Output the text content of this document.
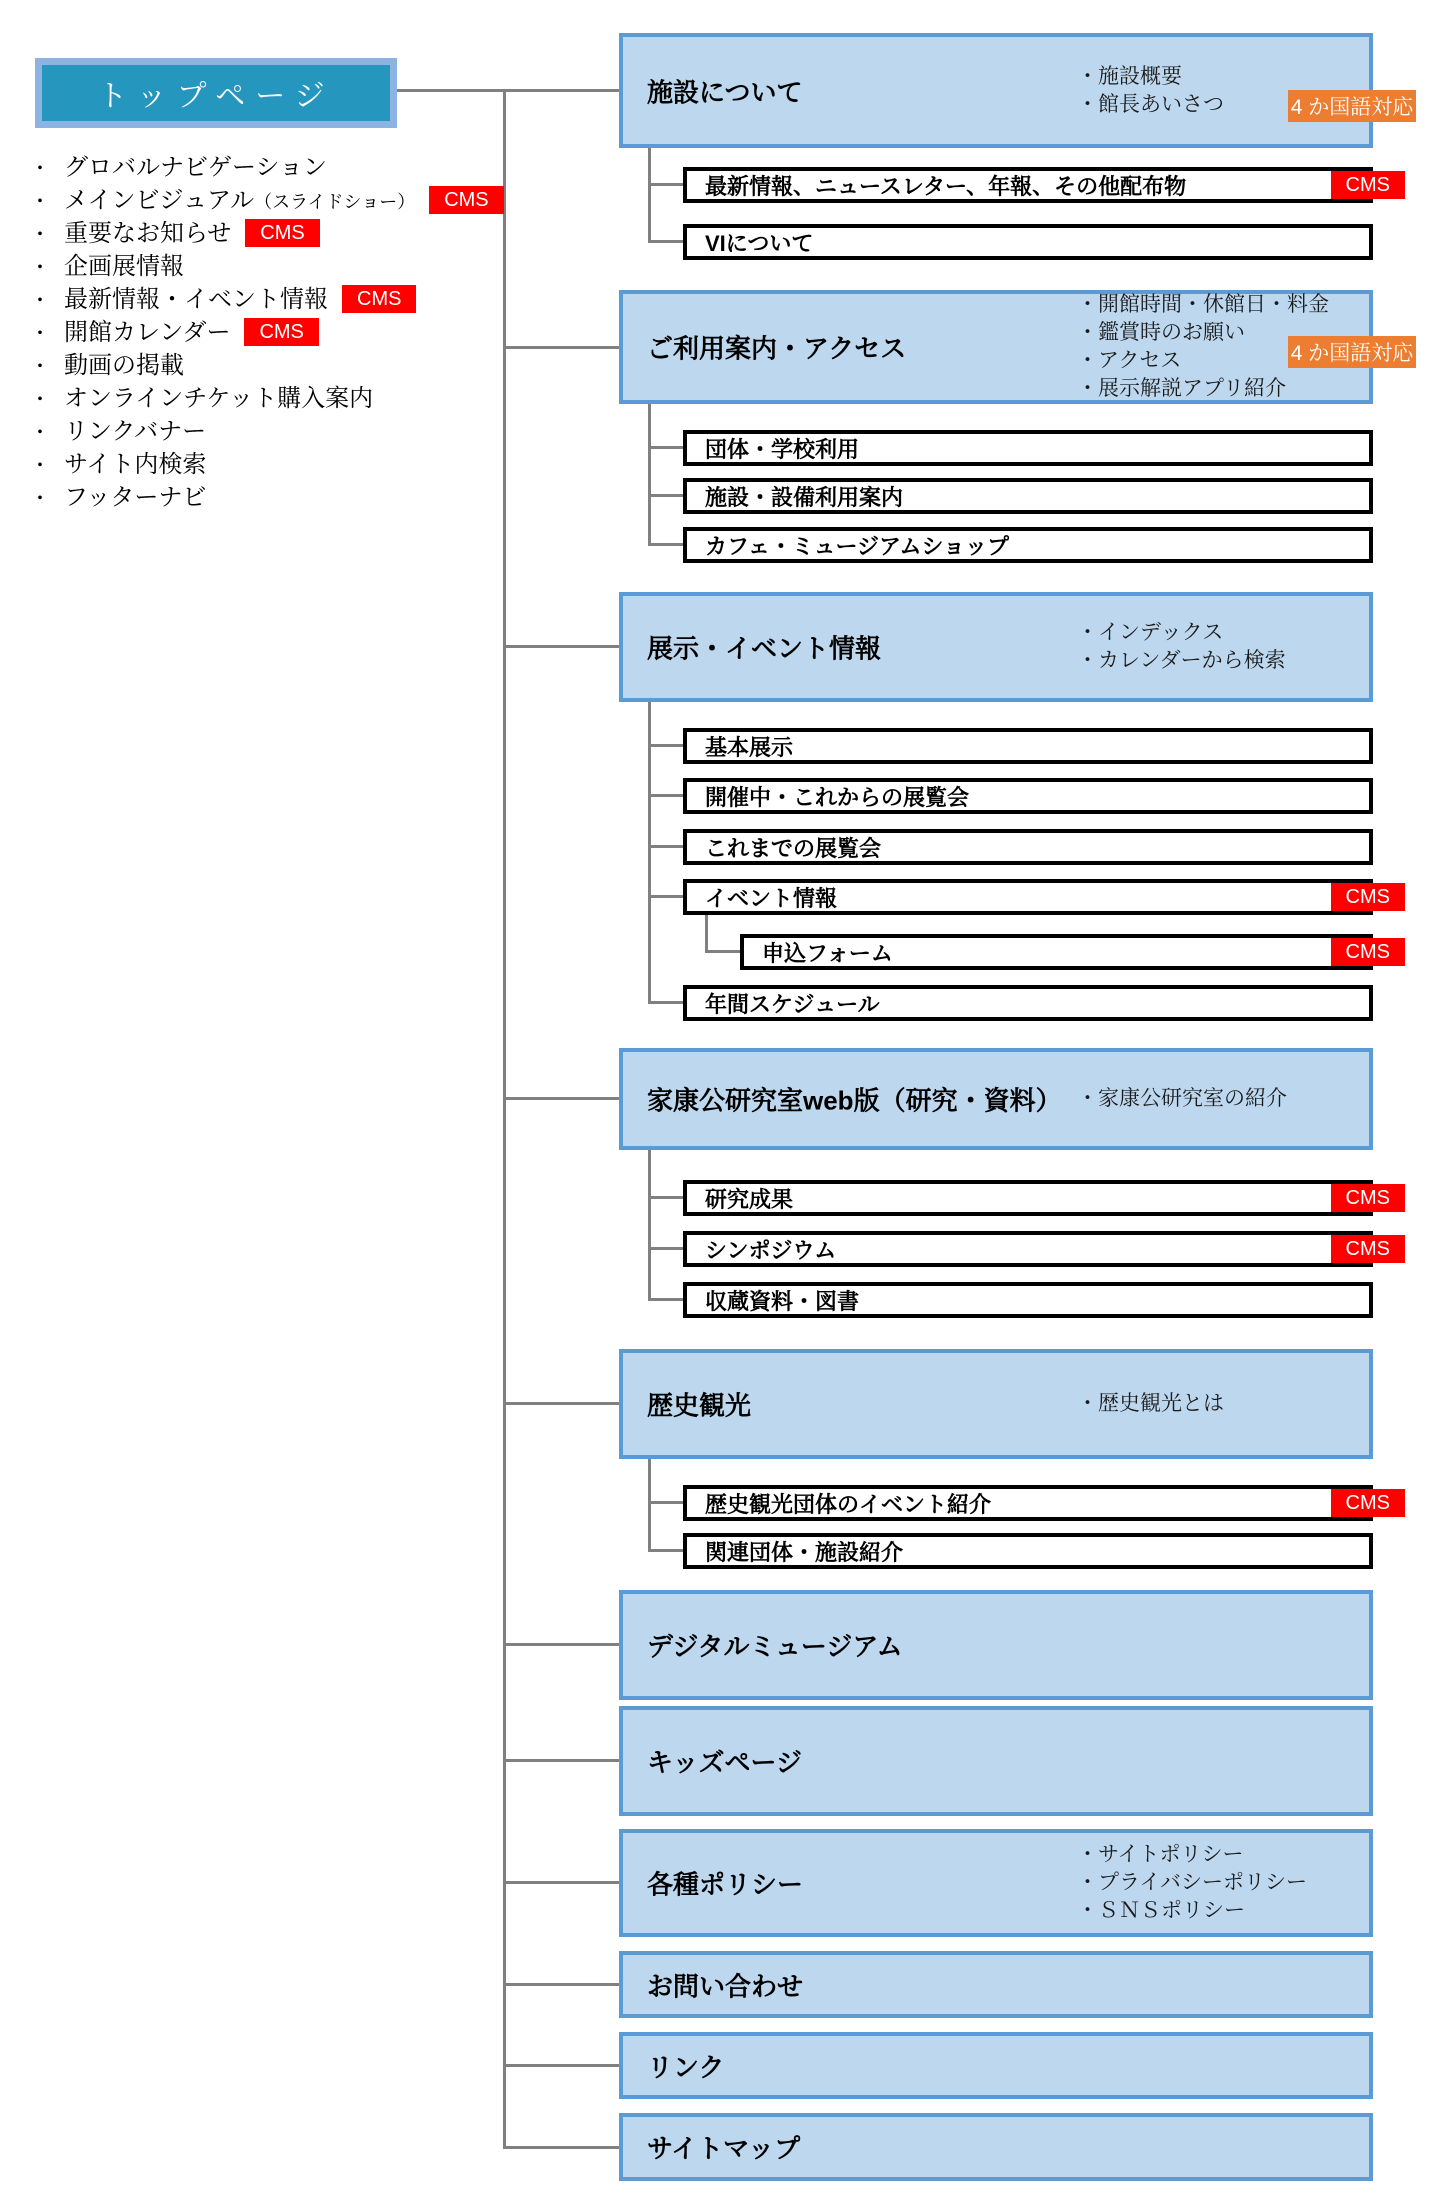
トップページ
・ グロバルナビゲーション
・ メインビジュアル（スライドショー） CMS
・ 重要なお知らせ CMS
・ 企画展情報
・ 最新情報・イベント情報 CMS
・ 開館カレンダー CMS
・ 動画の掲載
・ オンラインチケット購入案内
・ リンクバナー
・ サイト内検索
・ フッターナビ
施設について
・施設概要
・館長あいさつ	4 か国語対応
最新情報、ニュースレター、年報、その他配布物	CMS
VIについて
ご利用案内・アクセス
・開館時間・休館日・料金
・鑑賞時のお願い
・アクセス
・展示解説アプリ紹介
4 か国語対応
団体・学校利用
施設・設備利用案内
カフェ・ミュージアムショップ
展示・イベント情報
・インデックス
・カレンダーから検索
基本展示
開催中・これからの展覧会
これまでの展覧会
イベント情報	CMS
申込フォーム	CMS
年間スケジュール
家康公研究室web版（研究・資料） ・家康公研究室の紹介
研究成果	CMS
シンポジウム	CMS
収蔵資料・図書
歴史観光	・歴史観光とは
歴史観光団体のイベント紹介	CMS
関連団体・施設紹介
デジタルミュージアム
キッズページ
各種ポリシー
・サイトポリシー
・プライバシーポリシー
・ＳＮＳポリシー
お問い合わせ
リンク
サイトマップ
